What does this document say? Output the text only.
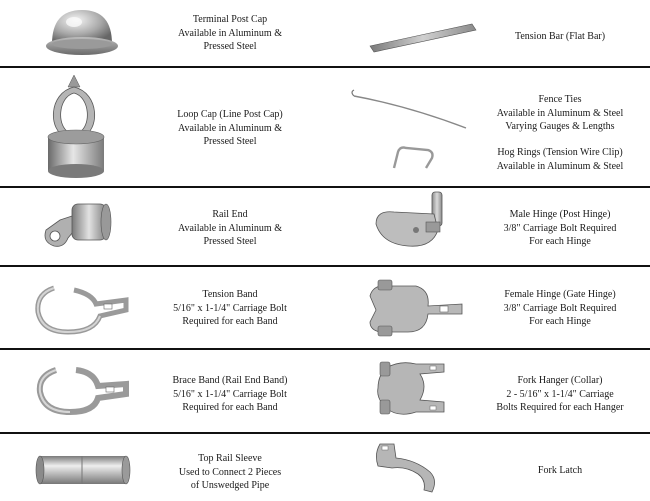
Terminal Post Cap
Available in Aluminum &
Pressed Steel
Tension Bar (Flat Bar)
Loop Cap (Line Post Cap)
Available in Aluminum &
Pressed Steel
Fence Ties
Available in Aluminum & Steel
Varying Gauges & Lengths
Hog Rings (Tension Wire Clip)
Available in Aluminum & Steel
Rail End
Available in Aluminum &
Pressed Steel
Male Hinge (Post Hinge)
3/8" Carriage Bolt Required
For each Hinge
Tension Band
5/16" x 1-1/4" Carriage Bolt
Required for each Band
Female Hinge (Gate Hinge)
3/8" Carriage Bolt Required
For each Hinge
Brace Band (Rail End Band)
5/16" x 1-1/4" Carriage Bolt
Required for each Band
Fork Hanger (Collar)
2 - 5/16" x 1-1/4" Carriage
Bolts Required for each Hanger
Top Rail Sleeve
Used to Connect 2 Pieces
of Unswedged Pipe
Fork Latch
